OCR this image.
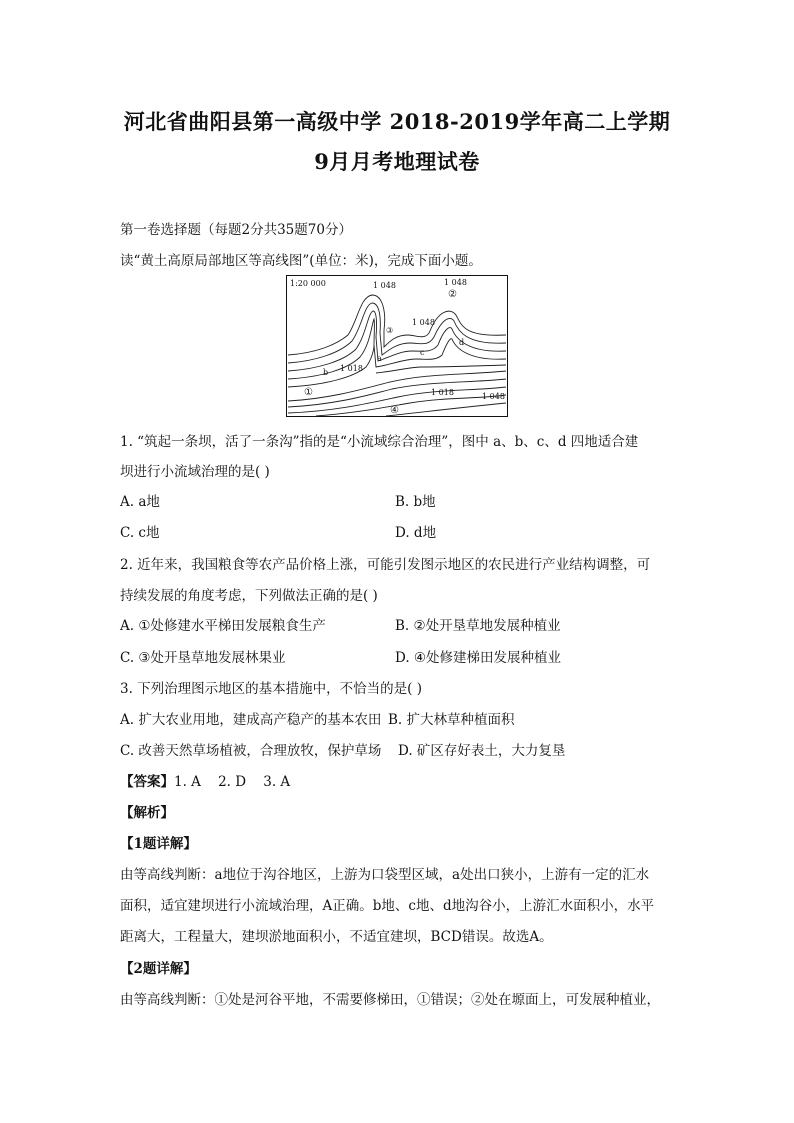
河北省曲阳县第一高级中学 2018-2019学年高二上学期
9月月考地理试卷
第一卷选择题（每题2分共35题70分）
读“黄土高原局部地区等高线图”(单位：米)，完成下面小题。
1:20 000	1 048	1 048
1 048
1 018
1 018	1 048
②
③
①
④
a
b
c
d
1. “筑起一条坝，活了一条沟”指的是“小流域综合治理”，图中 a、b、c、d 四地适合建
坝进行小流域治理的是( )
A. a地	B. b地
C. c地	D. d地
2. 近年来，我国粮食等农产品价格上涨，可能引发图示地区的农民进行产业结构调整，可
持续发展的角度考虑，下列做法正确的是( )
A. ①处修建水平梯田发展粮食生产	B. ②处开垦草地发展种植业
C. ③处开垦草地发展林果业	D. ④处修建梯田发展种植业
3. 下列治理图示地区的基本措施中，不恰当的是( )
A. 扩大农业用地，建成高产稳产的基本农田 B. 扩大林草种植面积
C. 改善天然草场植被，合理放牧，保护草场 D. 矿区存好表土，大力复垦
【答案】1. A    2. D    3. A
【解析】
【1题详解】
由等高线判断：a地位于沟谷地区，上游为口袋型区域，a处出口狭小，上游有一定的汇水
面积，适宜建坝进行小流域治理，A正确。b地、c地、d地沟谷小，上游汇水面积小，水平
距离大，工程量大，建坝淤地面积小，不适宜建坝，BCD错误。故选A。
【2题详解】
由等高线判断：①处是河谷平地，不需要修梯田，①错误；②处在塬面上，可发展种植业，
